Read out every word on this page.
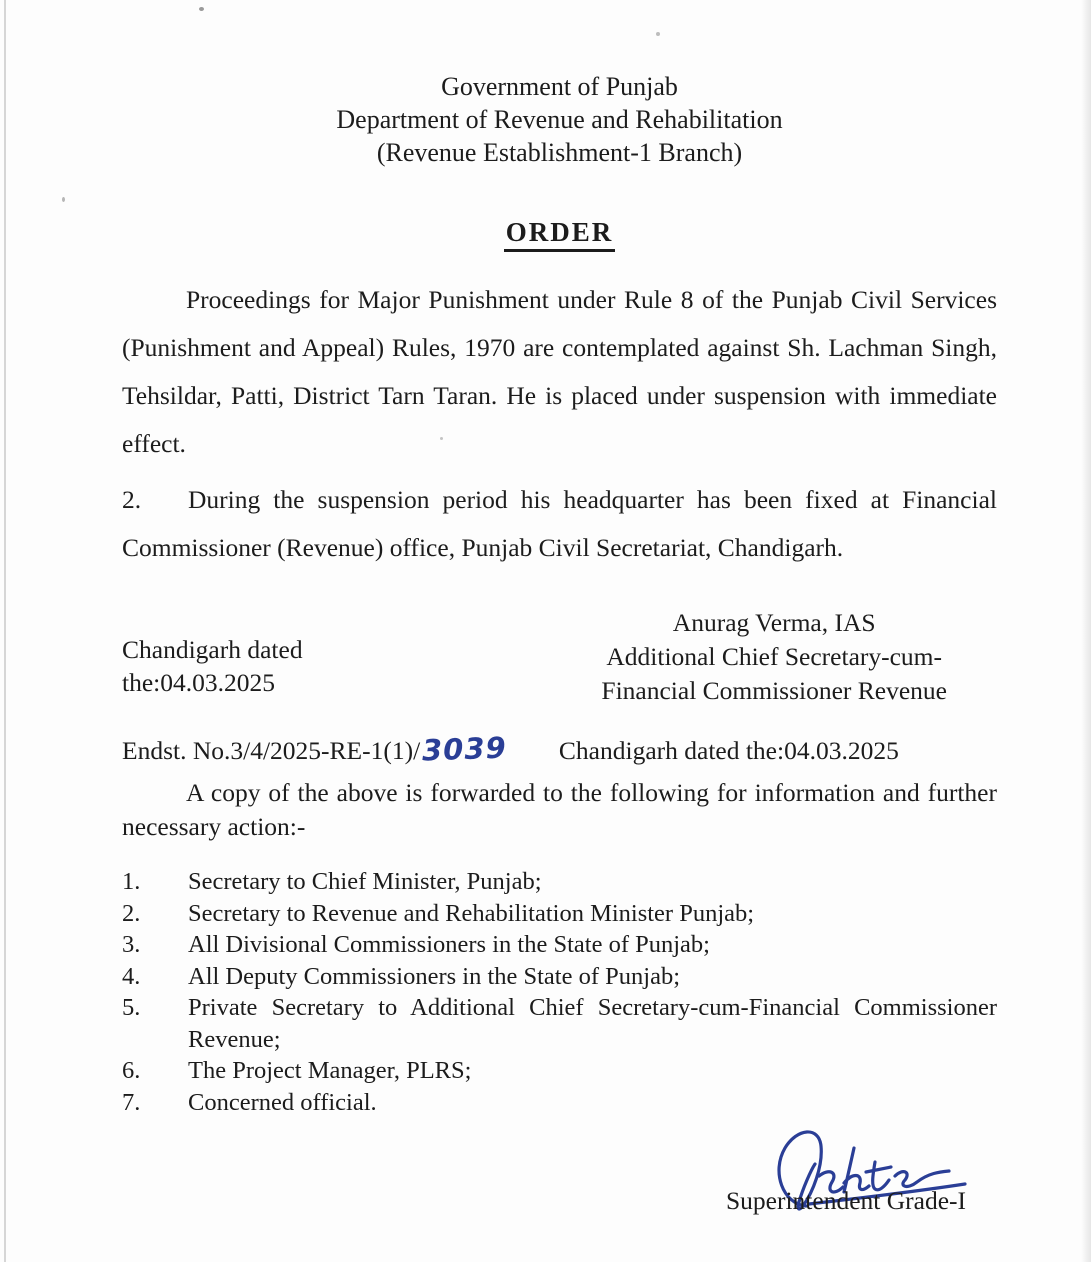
Government of Punjab
Department of Revenue and Rehabilitation
(Revenue Establishment-1 Branch)
ORDER
Proceedings for Major Punishment under Rule 8 of the Punjab Civil Services (Punishment and Appeal) Rules, 1970 are contemplated against Sh. Lachman Singh, Tehsildar, Patti, District Tarn Taran. He is placed under suspension with immediate effect.
2. During the suspension period his headquarter has been fixed at Financial Commissioner (Revenue) office, Punjab Civil Secretariat, Chandigarh.
Chandigarh dated
the:04.03.2025
Anurag Verma, IAS
Additional Chief Secretary-cum-
Financial Commissioner Revenue
Endst. No.3/4/2025-RE-1(1)/ 3039 Chandigarh dated the:04.03.2025
A copy of the above is forwarded to the following for information and further necessary action:-
1.	Secretary to Chief Minister, Punjab;
2.	Secretary to Revenue and Rehabilitation Minister Punjab;
3.	All Divisional Commissioners in the State of Punjab;
4.	All Deputy Commissioners in the State of Punjab;
5.	Private Secretary to Additional Chief Secretary-cum-Financial Commissioner Revenue;
6.	The Project Manager, PLRS;
7.	Concerned official.
Superintendent Grade-I
